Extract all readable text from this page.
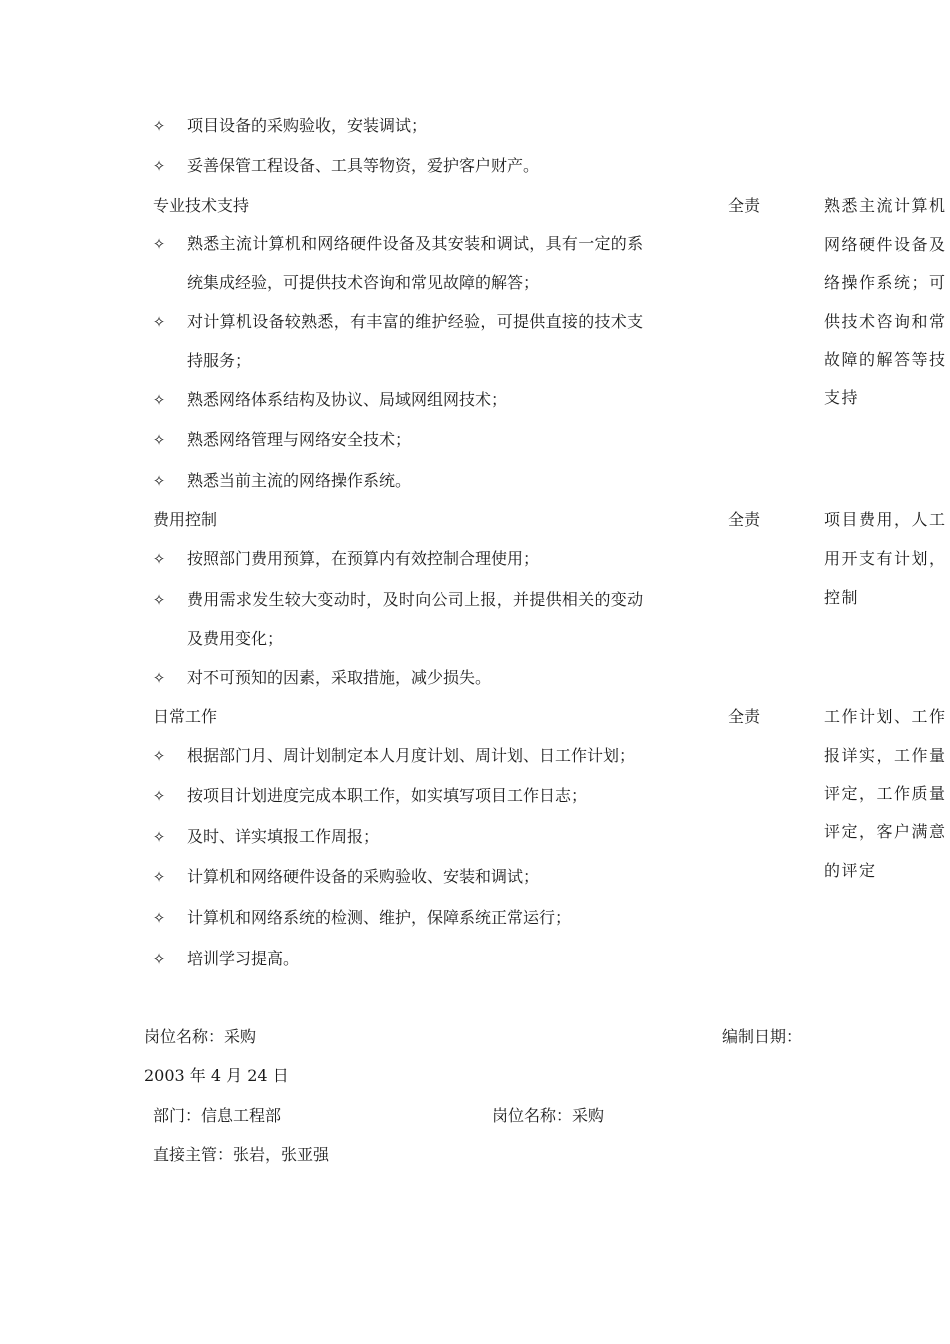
✧ 项目设备的采购验收，安装调试；
✧ 妥善保管工程设备、工具等物资，爱护客户财产。
专业技术支持	全责	熟悉主流计算机
网络硬件设备及
络操作系统；可
供技术咨询和常
故障的解答等技
支持
✧ 熟悉主流计算机和网络硬件设备及其安装和调试，具有一定的系
统集成经验，可提供技术咨询和常见故障的解答；
✧ 对计算机设备较熟悉，有丰富的维护经验，可提供直接的技术支
持服务；
✧ 熟悉网络体系结构及协议、局域网组网技术；
✧ 熟悉网络管理与网络安全技术；
✧ 熟悉当前主流的网络操作系统。
费用控制	全责	项目费用，人工
用开支有计划，
控制
✧ 按照部门费用预算，在预算内有效控制合理使用；
✧ 费用需求发生较大变动时，及时向公司上报，并提供相关的变动
及费用变化；
✧ 对不可预知的因素，采取措施，减少损失。
日常工作	全责	工作计划、工作
报详实，工作量
评定，工作质量
评定，客户满意
的评定
✧ 根据部门月、周计划制定本人月度计划、周计划、日工作计划；
✧ 按项目计划进度完成本职工作，如实填写项目工作日志；
✧ 及时、详实填报工作周报；
✧ 计算机和网络硬件设备的采购验收、安装和调试；
✧ 计算机和网络系统的检测、维护，保障系统正常运行；
✧ 培训学习提高。
岗位名称：采购	编制日期：
2003 年 4 月 24 日
部门：信息工程部	岗位名称：采购
直接主管：张岩，张亚强
